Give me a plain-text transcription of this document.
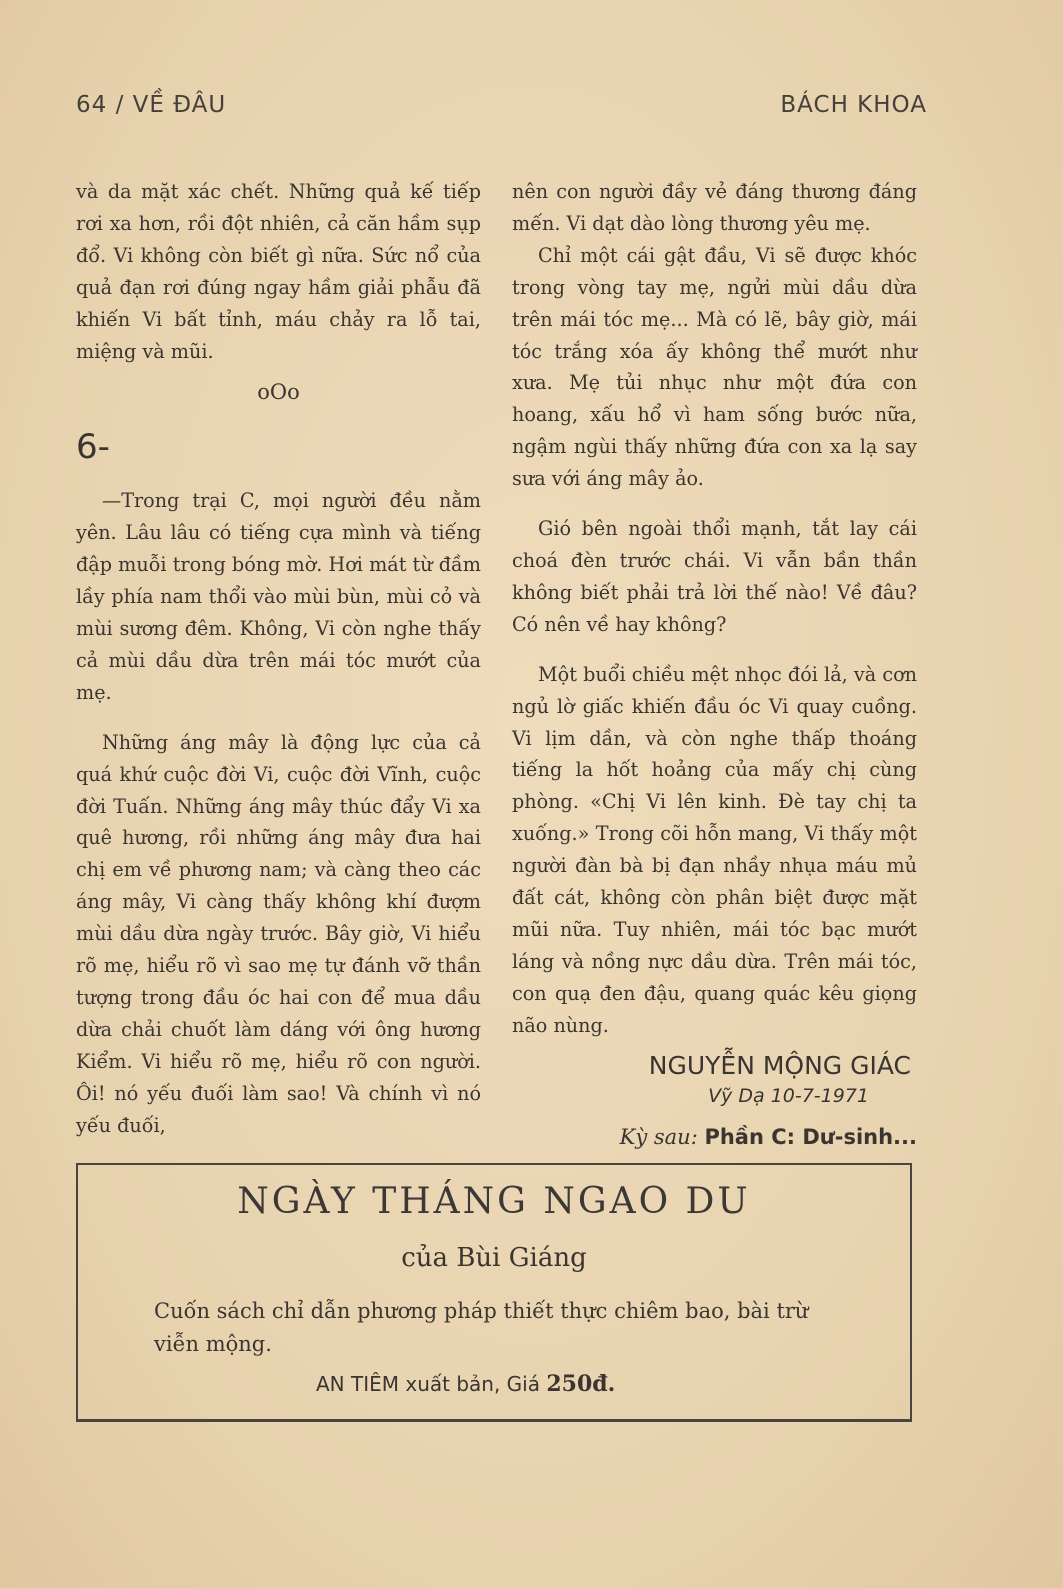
64 / VỀ ĐÂU	BÁCH KHOA

và da mặt xác chết. Những quả kế tiếp rơi xa hơn, rồi đột nhiên, cả căn hầm sụp đổ. Vi không còn biết gì nữa. Sức nổ của quả đạn rơi đúng ngay hầm giải phẫu đã khiến Vi bất tỉnh, máu chảy ra lỗ tai, miệng và mũi.

oOo

6-

—Trong trại C, mọi người đều nằm yên. Lâu lâu có tiếng cựa mình và tiếng đập muỗi trong bóng mờ. Hơi mát từ đầm lầy phía nam thổi vào mùi bùn, mùi cỏ và mùi sương đêm. Không, Vi còn nghe thấy cả mùi dầu dừa trên mái tóc mướt của mẹ.

Những áng mây là động lực của cả quá khứ cuộc đời Vi, cuộc đời Vĩnh, cuộc đời Tuấn. Những áng mây thúc đẩy Vi xa quê hương, rồi những áng mây đưa hai chị em về phương nam; và càng theo các áng mây, Vi càng thấy không khí đượm mùi dầu dừa ngày trước. Bây giờ, Vi hiểu rõ mẹ, hiểu rõ vì sao mẹ tự đánh vỡ thần tượng trong đầu óc hai con để mua dầu dừa chải chuốt làm dáng với ông hương Kiểm. Vi hiểu rõ mẹ, hiểu rõ con người. Ôi! nó yếu đuối làm sao! Và chính vì nó yếu đuối,

nên con người đầy vẻ đáng thương đáng mến. Vi dạt dào lòng thương yêu mẹ.

Chỉ một cái gật đầu, Vi sẽ được khóc trong vòng tay mẹ, ngửi mùi dầu dừa trên mái tóc mẹ... Mà có lẽ, bây giờ, mái tóc trắng xóa ấy không thể mướt như xưa. Mẹ tủi nhục như một đứa con hoang, xấu hổ vì ham sống bước nữa, ngậm ngùi thấy những đứa con xa lạ say sưa với áng mây ảo.

Gió bên ngoài thổi mạnh, tắt lay cái choá đèn trước chái. Vi vẫn bần thần không biết phải trả lời thế nào! Về đâu? Có nên về hay không?

Một buổi chiều mệt nhọc đói lả, và cơn ngủ lờ giấc khiến đầu óc Vi quay cuồng. Vi lịm dần, và còn nghe thấp thoáng tiếng la hốt hoảng của mấy chị cùng phòng. «Chị Vi lên kinh. Đè tay chị ta xuống.» Trong cõi hỗn mang, Vi thấy một người đàn bà bị đạn nhầy nhụa máu mủ đất cát, không còn phân biệt được mặt mũi nữa. Tuy nhiên, mái tóc bạc mướt láng và nồng nực dầu dừa. Trên mái tóc, con quạ đen đậu, quang quác kêu giọng não nùng.

NGUYỄN MỘNG GIÁC
Vỹ Dạ 10-7-1971
Kỳ sau: Phần C: Dư-sinh...
NGÀY THÁNG NGAO DU
của Bùi Giáng
Cuốn sách chỉ dẫn phương pháp thiết thực chiêm bao, bài trừ viễn mộng.
AN TIÊM xuất bản, Giá 250đ.
